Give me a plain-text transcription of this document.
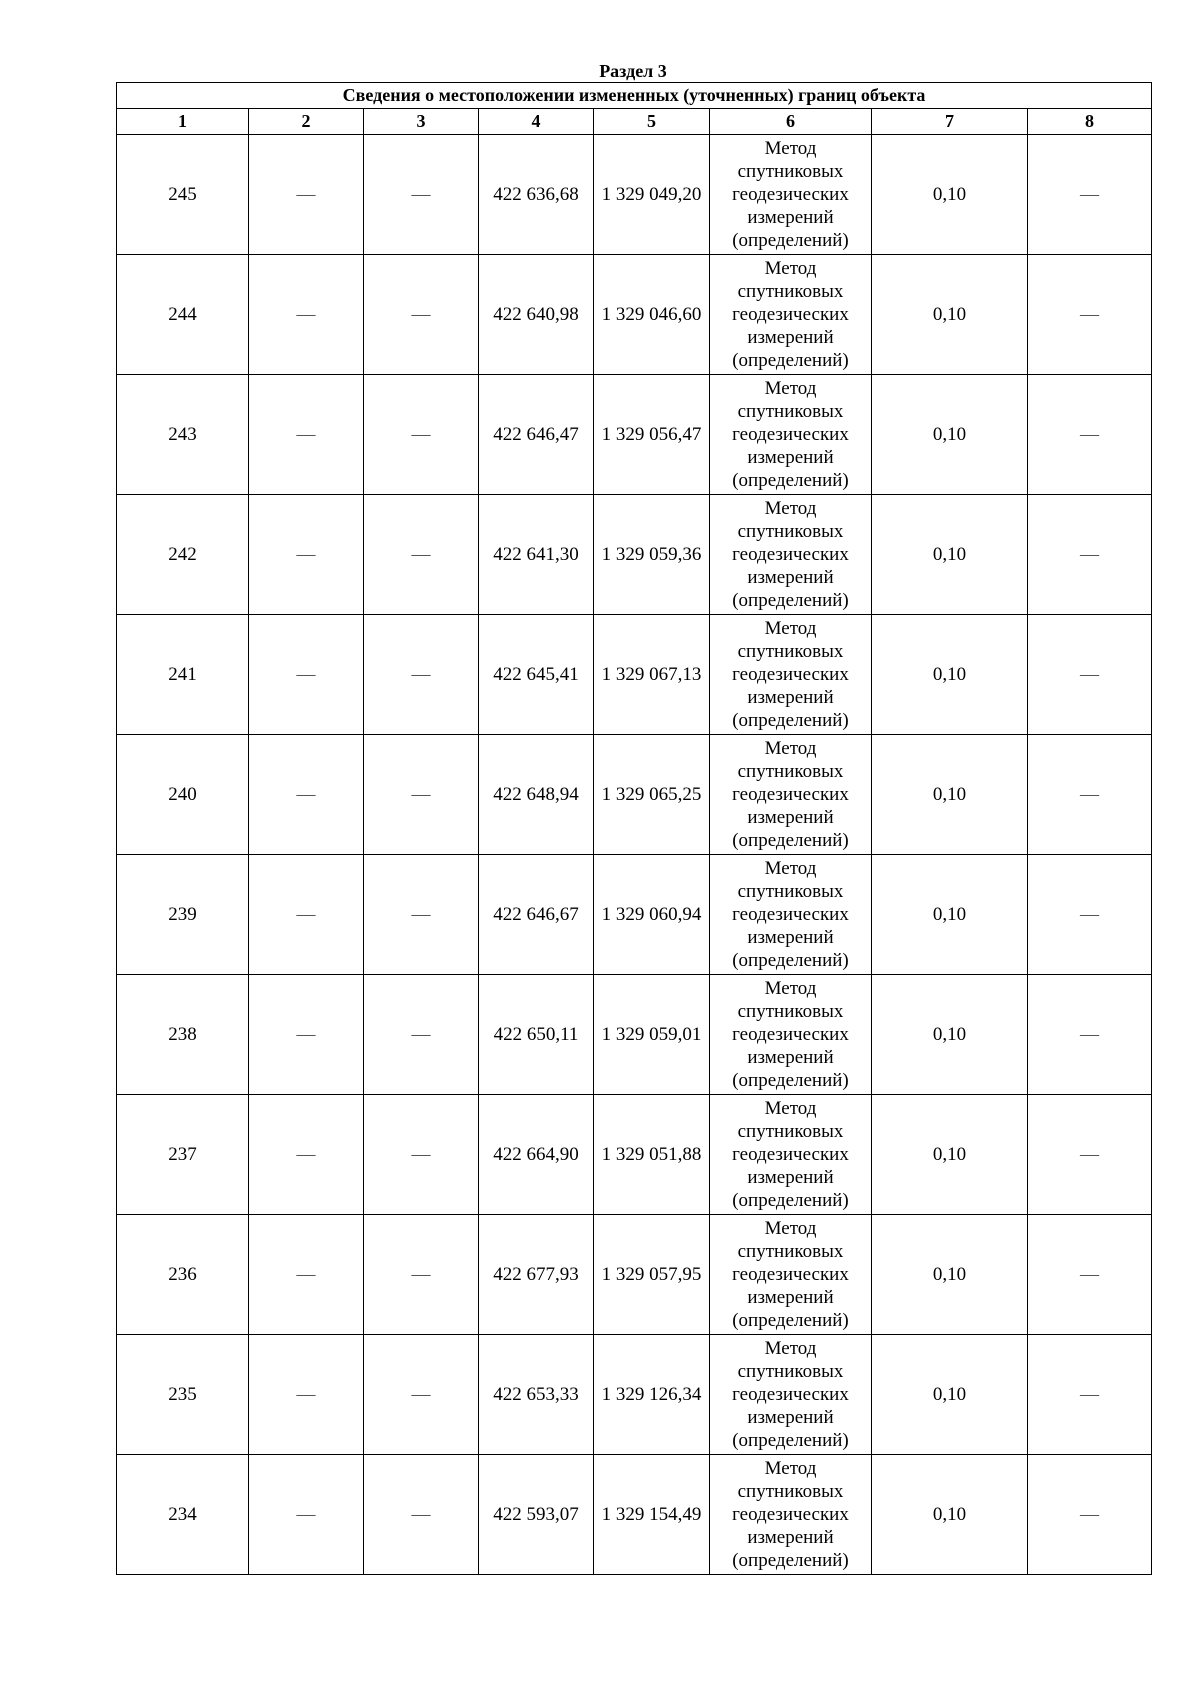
Раздел 3
Сведения о местоположении измененных (уточненных) границ объекта							
1	2	3	4	5	6	7	8
245	—	—	422 636,68	1 329 049,20	Метод спутниковых геодезических измерений (определений)	0,10	—
244	—	—	422 640,98	1 329 046,60	Метод спутниковых геодезических измерений (определений)	0,10	—
243	—	—	422 646,47	1 329 056,47	Метод спутниковых геодезических измерений (определений)	0,10	—
242	—	—	422 641,30	1 329 059,36	Метод спутниковых геодезических измерений (определений)	0,10	—
241	—	—	422 645,41	1 329 067,13	Метод спутниковых геодезических измерений (определений)	0,10	—
240	—	—	422 648,94	1 329 065,25	Метод спутниковых геодезических измерений (определений)	0,10	—
239	—	—	422 646,67	1 329 060,94	Метод спутниковых геодезических измерений (определений)	0,10	—
238	—	—	422 650,11	1 329 059,01	Метод спутниковых геодезических измерений (определений)	0,10	—
237	—	—	422 664,90	1 329 051,88	Метод спутниковых геодезических измерений (определений)	0,10	—
236	—	—	422 677,93	1 329 057,95	Метод спутниковых геодезических измерений (определений)	0,10	—
235	—	—	422 653,33	1 329 126,34	Метод спутниковых геодезических измерений (определений)	0,10	—
234	—	—	422 593,07	1 329 154,49	Метод спутниковых геодезических измерений (определений)	0,10	—
